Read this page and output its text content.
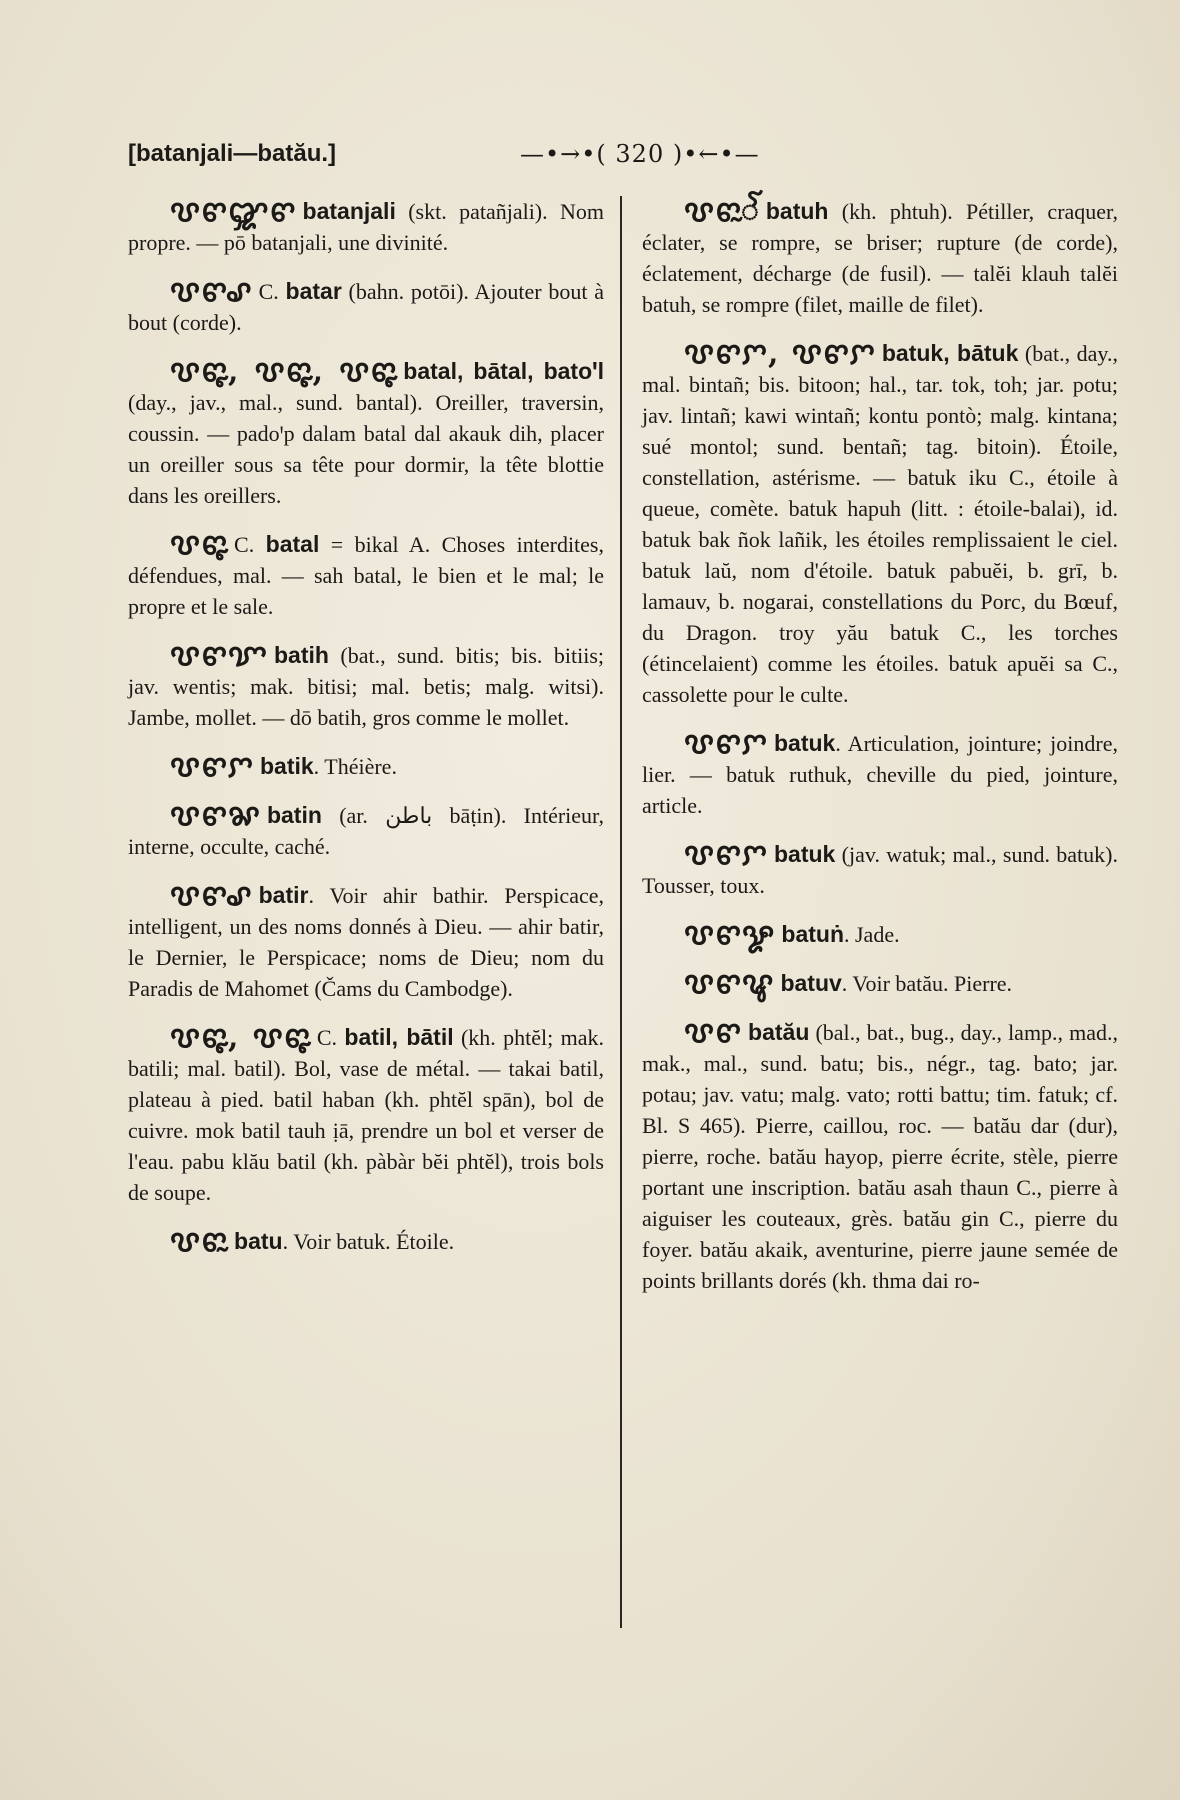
[batanjali—batău.]	—•→•( 320 )•←•—

ꨝꨓꨒꨓ batanjali (skt. patañjali). Nom propre. — pō batanjali, une divinité.

ꨝꨓꨣ C. batar (bahn. potōi). Ajouter bout à bout (corde).

ꨝꨓꨵ, ꨝꨓꨵ, ꨝꨓꨵ batal, bātal, batoꞌl (day., jav., mal., sund. bantal). Oreiller, traversin, coussin. — padoꞌp dalam batal dal akauk dih, placer un oreiller sous sa tête pour dormir, la tête blottie dans les oreillers.

ꨝꨓꨵ C. batal = bikal A. Choses interdites, défendues, mal. — sah batal, le bien et le mal; le propre et le sale.

ꨝꨓꨢ batih (bat., sund. bitis; bis. bitiis; jav. wentis; mak. bitisi; mal. betis; malg. witsi). Jambe, mollet. — dō batih, gros comme le mollet.

ꨝꨓꨆ batik. Théière.

ꨝꨓꨗ batin (ar. باطن bāṭin). Intérieur, interne, occulte, caché.

ꨝꨓꨣ batir. Voir ahir bathir. Perspicace, intelligent, un des noms donnés à Dieu. — ahir batir, le Dernier, le Perspicace; noms de Dieu; nom du Paradis de Mahomet (Čams du Cambodge).

ꨝꨓꨵ, ꨝꨓꨵ C. batil, bātil (kh. phtĕl; mak. batili; mal. batil). Bol, vase de métal. — takai batil, plateau à pied. batil haban (kh. phtĕl spān), bol de cuivre. mok batil tauh ịā, prendre un bol et verser de l'eau. pabu klău batil (kh. pàbàr bĕi phtĕl), trois bols de soupe.

ꨝꨓꨭ batu. Voir batuk. Étoile.

ꨝꨓꨭꨱ batuh (kh. phtuh). Pétiller, craquer, éclater, se rompre, se briser; rupture (de corde), éclatement, décharge (de fusil). — talĕi klauh talĕi batuh, se rompre (filet, maille de filet).

ꨝꨓꨆ, ꨝꨓꨆ batuk, bātuk (bat., day., mal. bintañ; bis. bitoon; hal., tar. tok, toh; jar. potu; jav. lintañ; kawi wintañ; kontu pontò; malg. kintana; sué montol; sund. bentañ; tag. bitoin). Étoile, constellation, astérisme. — batuk iku C., étoile à queue, comète. batuk hapuh (litt. : étoile-balai), id. batuk bak ñok lañik, les étoiles remplissaient le ciel. batuk laŭ, nom d'étoile. batuk pabuĕi, b. grī, b. lamauv, b. nogarai, constellations du Porc, du Bœuf, du Dragon. troy yău batuk C., les torches (étincelaient) comme les étoiles. batuk apuĕi sa C., cassolette pour le culte.

ꨝꨓꨆ batuk. Articulation, jointure; joindre, lier. — batuk ruthuk, cheville du pied, jointure, article.

ꨝꨓꨆ batuk (jav. watuk; mal., sund. batuk). Tousser, toux.

ꨝꨓꨋ batuṅ. Jade.

ꨝꨓꨥ batuv. Voir batău. Pierre.

ꨝꨓ batău (bal., bat., bug., day., lamp., mad., mak., mal., sund. batu; bis., négr., tag. bato; jar. potau; jav. vatu; malg. vato; rotti battu; tim. fatuk; cf. Bl. S 465). Pierre, caillou, roc. — batău dar (dur), pierre, roche. batău hayop, pierre écrite, stèle, pierre portant une inscription. batău asah thaun C., pierre à aiguiser les couteaux, grès. batău gin C., pierre du foyer. batău akaik, aventurine, pierre jaune semée de points brillants dorés (kh. thma dai ro-
